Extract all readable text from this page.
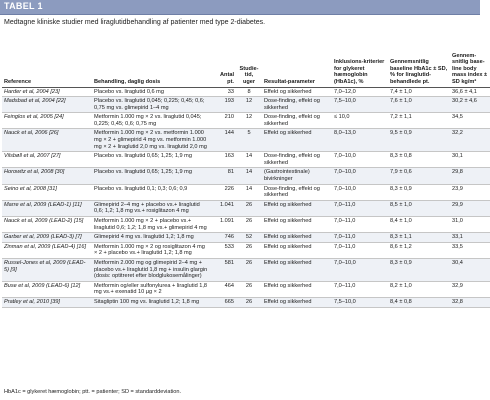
TABEL 1
Medtagne kliniske studier med liraglutidbehandling af patienter med type 2-diabetes.
Reference	Behandling, daglig dosis	Antal pt.	Studie-tid, uger	Resultat-parameter	Inklusions-kriterier for glykeret hæmoglobin (HbA1c), %	Gennemsnitlig baseline HbA1c ± SD, % for liraglutid-behandlede pt.	Gennem-snitlig base-line body mass index ± SD kg/m²
Harder et al, 2004 [23]	Placebo vs. liraglutid 0,6 mg	33	8	Effekt og sikkerhed	7,0–12,0	7,4 ± 1,0	36,6 ± 4,1
Madsbad et al, 2004 [22]	Placebo vs. liraglutid 0,045; 0,225; 0,45; 0,6; 0,75 mg vs. glimepirid 1–4 mg	193	12	Dose-finding, effekt og sikkerhed	7,5–10,0	7,6 ± 1,0	30,2 ± 4,6
Feinglos et al, 2005 [24]	Metformin 1.000 mg × 2 vs. liraglutid 0,045; 0,225; 0,45; 0,6; 0,75 mg	210	12	Dose-finding, effekt og sikkerhed	≤ 10,0	7,2 ± 1,1	34,5
Nauck et al, 2006 [26]	Metformin 1.000 mg × 2 vs. metformin 1.000 mg × 2 + glimepirid 4 mg vs. metformin 1.000 mg × 2 + liraglutid 2,0 mg vs. liraglutid 2,0 mg	144	5	Effekt og sikkerhed	8,0–13,0	9,5 ± 0,9	32,2
Vilsbøll et al, 2007 [27]	Placebo vs. liraglutid 0,65; 1,25; 1,9 mg	163	14	Dose-finding, effekt og sikkerhed	7,0–10,0	8,3 ± 0,8	30,1
Horowitz et al, 2008 [30]	Placebo vs. liraglutid 0,65; 1,25; 1,9 mg	81	14	(Gastrointestinale) bivirkninger	7,0–10,0	7,9 ± 0,6	29,8
Seino et al, 2008 [31]	Placebo vs. liraglutid 0,1; 0,3; 0,6; 0,9	226	14	Dose-finding, effekt og sikkerhed	7,0–10,0	8,3 ± 0,9	23,9
Marre et al, 2009 (LEAD-1) [11]	Glimepirid 2–4 mg + placebo vs.+ liraglutid 0,6; 1,2; 1,8 mg vs.+ rosiglitazon 4 mg	1.041	26	Effekt og sikkerhed	7,0–11,0	8,5 ± 1,0	29,9
Nauck et al, 2009 (LEAD-2) [15]	Metformin 1.000 mg × 2 + placebo vs.+ liraglutid 0,6; 1,2; 1,8 mg vs.+ glimepirid 4 mg	1.091	26	Effekt og sikkerhed	7,0–11,0	8,4 ± 1,0	31,0
Garber et al, 2009 (LEAD-3) [7]	Glimepirid 4 mg vs. liraglutid 1,2; 1,8 mg	746	52	Effekt og sikkerhed	7,0–11,0	8,3 ± 1,1	33,1
Zinman et al, 2009 (LEAD-4) [16]	Metformin 1.000 mg × 2 og rosiglitazon 4 mg × 2 + placebo vs.+ liraglutid 1,2; 1,8 mg	533	26	Effekt og sikkerhed	7,0–11,0	8,6 ± 1,2	33,5
Russel-Jones et al, 2009 (LEAD-5) [9]	Metformin 2.000 mg og glimepirid 2–4 mg + placebo vs.+ liraglutid 1,8 mg + insulin glargin (dosis: optitreret efter blodglukosemålinger)	581	26	Effekt og sikkerhed	7,0–10,0	8,3 ± 0,9	30,4
Buse et al, 2009 (LEAD-6) [12]	Metformin og/eller sulfonylurea + liraglutid 1,8 mg vs.+ exenatid 10 µg × 2	464	26	Effekt og sikkerhed	7,0–11,0	8,2 ± 1,0	32,9
Pratley et al, 2010 [39]	Sitagliptin 100 mg vs. liraglutid 1,2; 1,8 mg	665	26	Effekt og sikkerhed	7,5–10,0	8,4 ± 0,8	32,8
HbA1c = glykeret hæmoglobin; ptt. = patienter; SD = standarddeviation.
